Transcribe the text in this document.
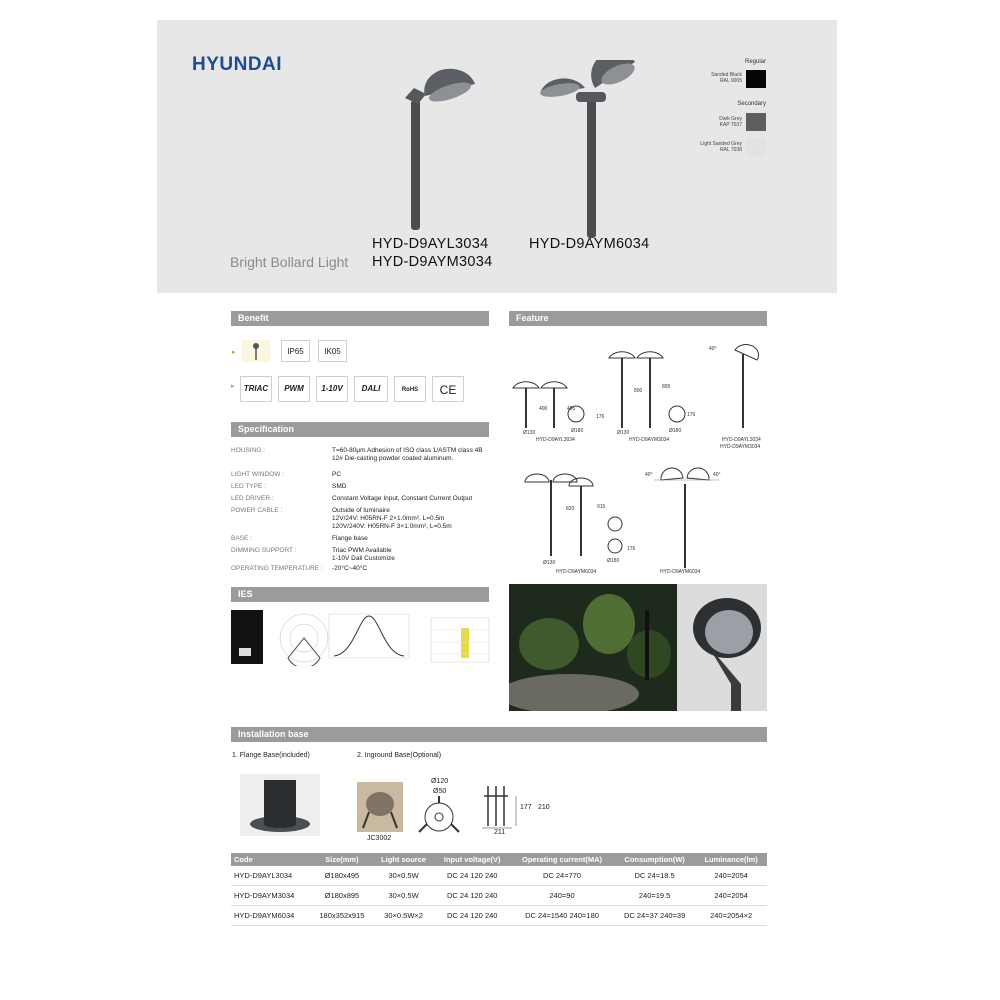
HYUNDAI
Bright Bollard Light
HYD-D9AYL3034
HYD-D9AYM3034
HYD-D9AYM6034
Regular
Sanded Black
RAL 9005
Secondary
Dark Grey
KAP 7037
Light Sanded Grey
RAL 7038
Benefit
▸	IP65	IK05
▸	TRIAC	PWM	1-10V	DALI	RoHS	CE
Specification
HOUSING :	T=60-80μm Adhesion of ISO class 1/ASTM class 4B
12# Die-casting powder coated aluminum.
LIGHT WINDOW :	PC
LED TYPE :	SMD
LED DRIVER :	Constant Voltage Input, Constant Current Output
POWER CABLE :	Outside of luminaire
12V/24V: H05RN-F 2×1.0mm², L=0.5m
120V/240V: H05RN-F 3×1.0mm², L=0.5m
BASE :	Flange base
DIMMING SUPPORT :	Triac PWM Available
1-10V Dali Customize
OPERATING TEMPERATURE : -20°C~40°C
IES
Feature
400	495
Ø130	Ø180
176
800
895
Ø130	Ø180
176
40°
820	915
Ø130
176
Ø180
40°	40°
HYD-D9AYL3034	HYD-D9AYM3034	HYD-D9AYL3034
HYD-D9AYM3034
HYD-D9AYM6034	HYD-D9AYM6034
Installation base
1. Flange Base(included)	2. Inground Base(Optional)
JC3002
Ø120
Ø50
211
177 210
Code	Size(mm)	Light source	Input voltage(V)	Operating current(MA)	Consumption(W)	Luminance(lm)
HYD-D9AYL3034	Ø180x495	30×0.5W	DC 24 120 240	DC 24=770	DC 24=18.5	240=2054
HYD-D9AYM3034	Ø180x895	30×0.5W	DC 24 120 240	240=90	240=19.5	240=2054
HYD-D9AYM6034	180x352x915	30×0.5W×2	DC 24 120 240	DC 24=1540 240=180	DC 24=37 240=39	240=2054×2
